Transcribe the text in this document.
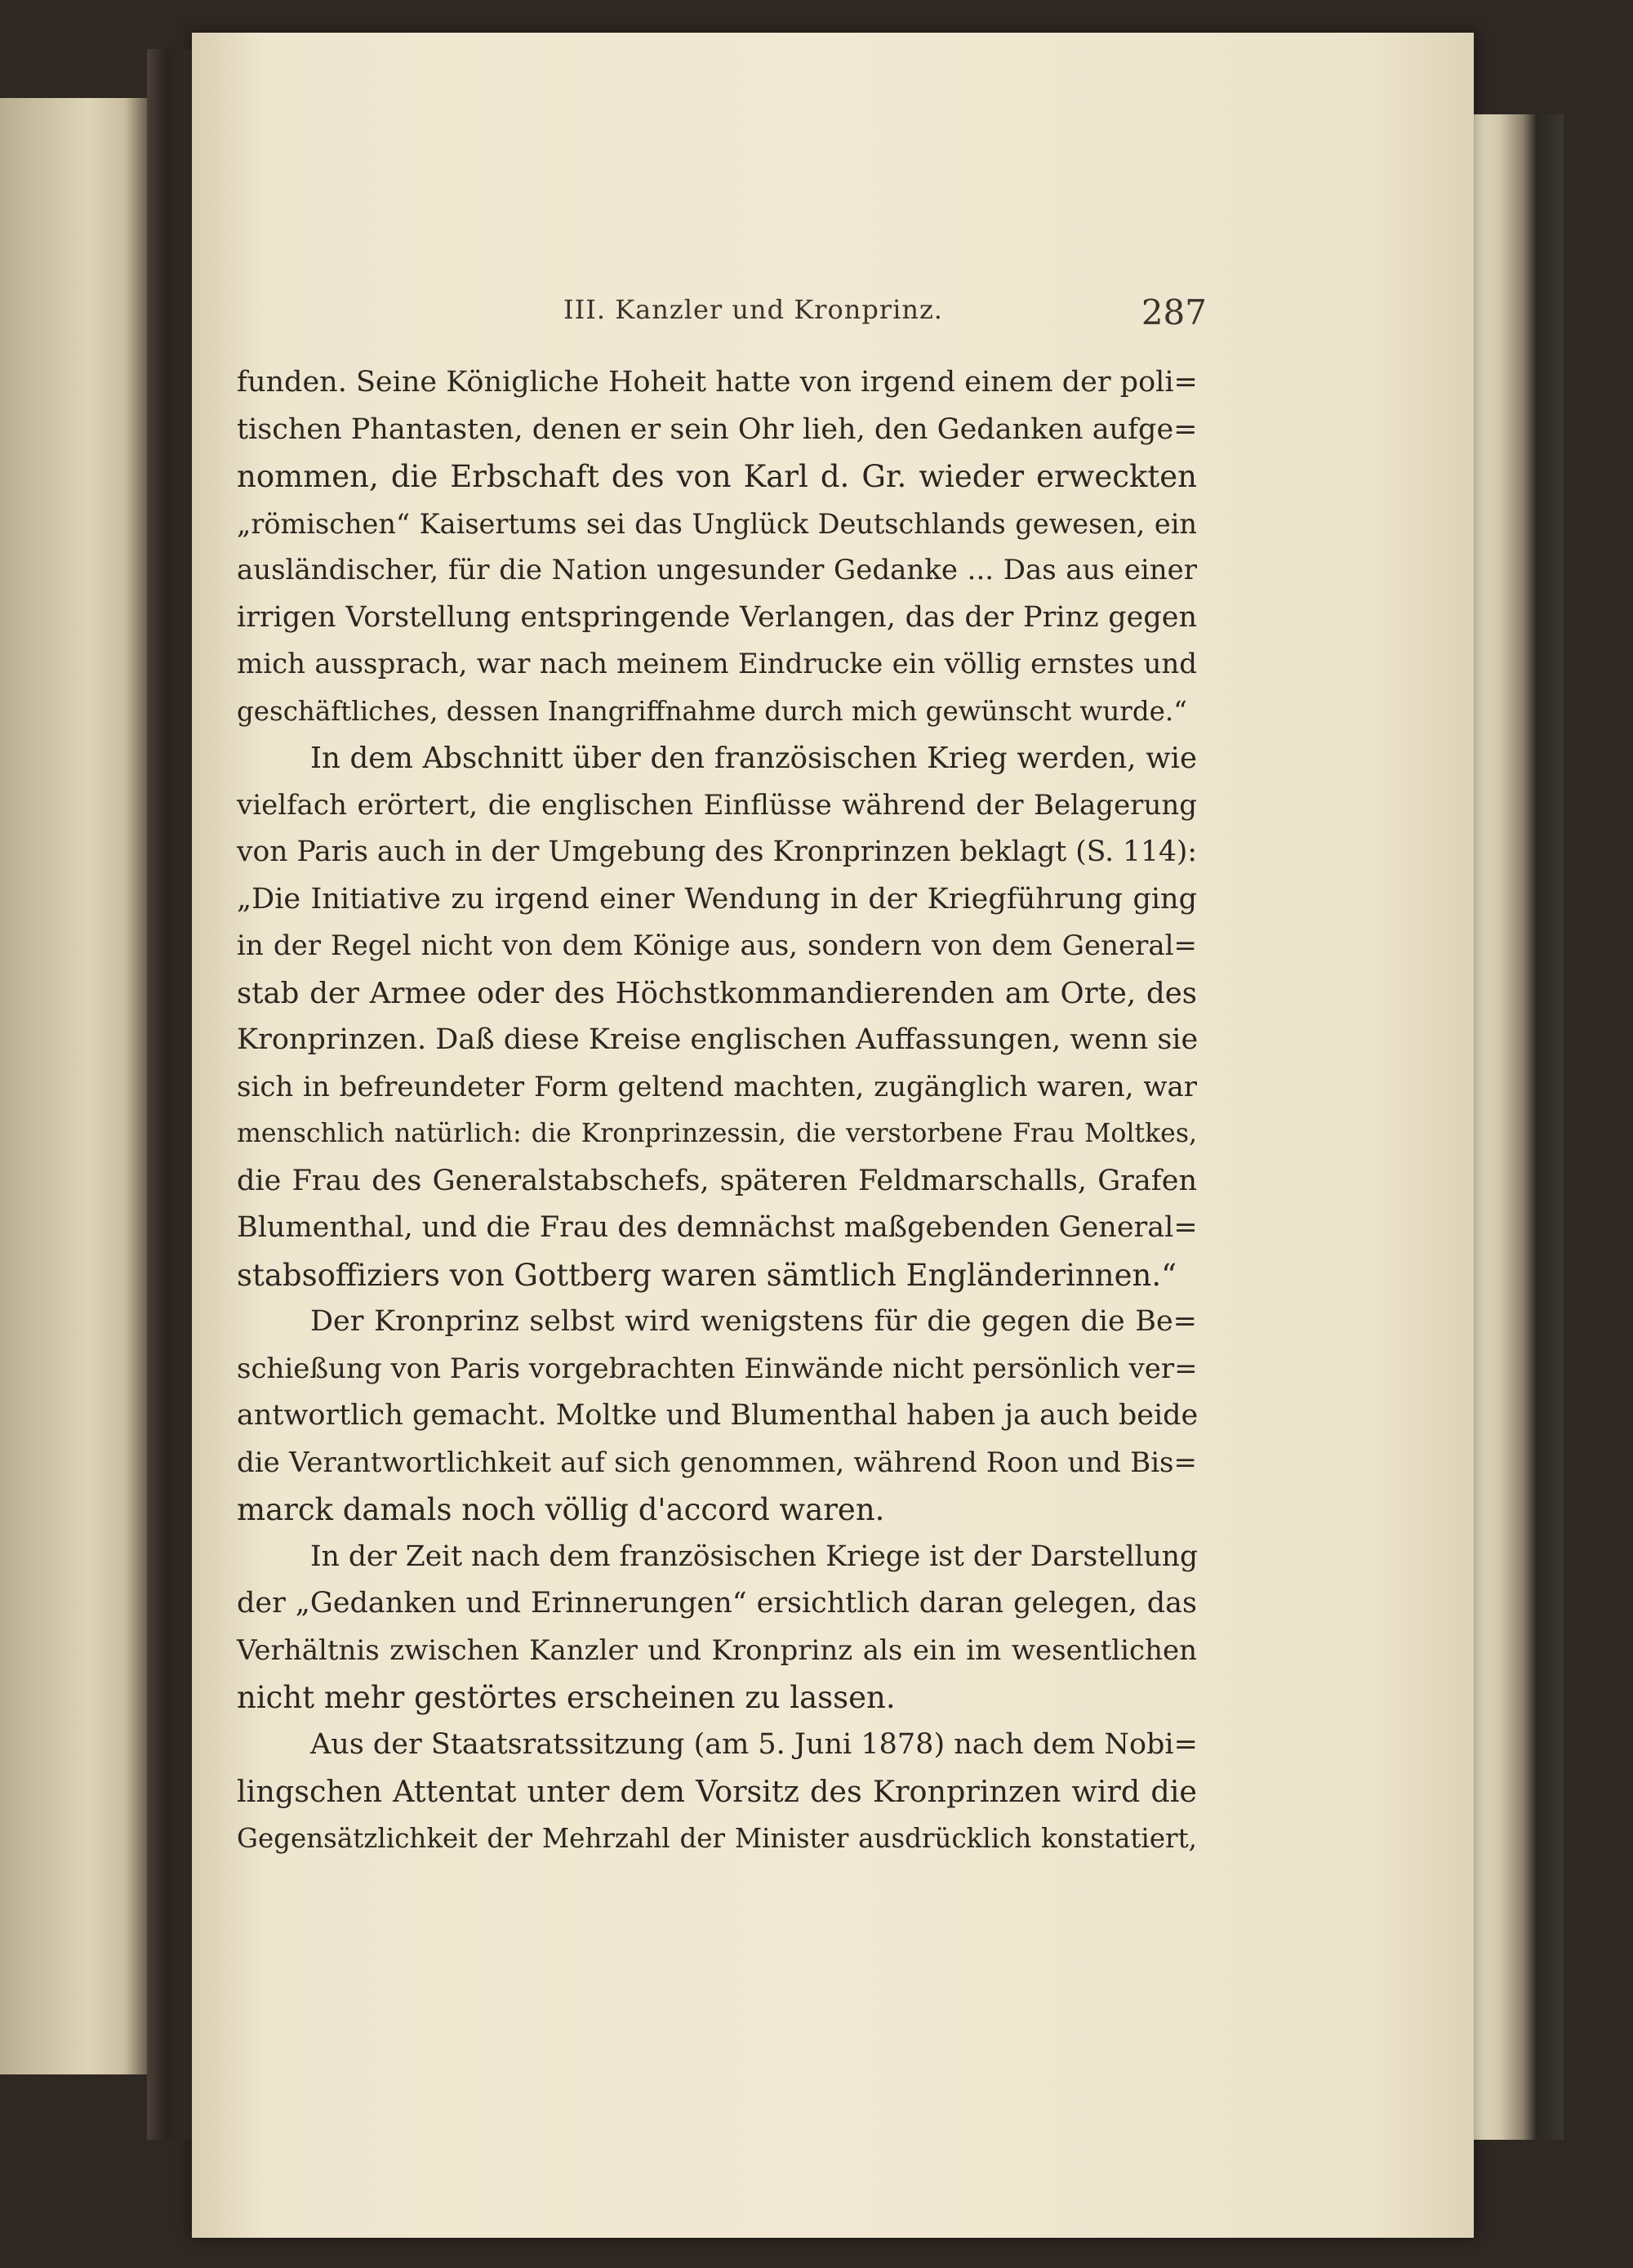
III. Kanzler und Kronprinz.	287
funden. Seine Königliche Hoheit hatte von irgend einem der poli=
tischen Phantasten, denen er sein Ohr lieh, den Gedanken aufge=
nommen, die Erbschaft des von Karl d. Gr. wieder erweckten
„römischen“ Kaisertums sei das Unglück Deutschlands gewesen, ein
ausländischer, für die Nation ungesunder Gedanke ... Das aus einer
irrigen Vorstellung entspringende Verlangen, das der Prinz gegen
mich aussprach, war nach meinem Eindrucke ein völlig ernstes und
geschäftliches, dessen Inangriffnahme durch mich gewünscht wurde.“
In dem Abschnitt über den französischen Krieg werden, wie
vielfach erörtert, die englischen Einflüsse während der Belagerung
von Paris auch in der Umgebung des Kronprinzen beklagt (S. 114):
„Die Initiative zu irgend einer Wendung in der Kriegführung ging
in der Regel nicht von dem Könige aus, sondern von dem General=
stab der Armee oder des Höchstkommandierenden am Orte, des
Kronprinzen. Daß diese Kreise englischen Auffassungen, wenn sie
sich in befreundeter Form geltend machten, zugänglich waren, war
menschlich natürlich: die Kronprinzessin, die verstorbene Frau Moltkes,
die Frau des Generalstabschefs, späteren Feldmarschalls, Grafen
Blumenthal, und die Frau des demnächst maßgebenden General=
stabsoffiziers von Gottberg waren sämtlich Engländerinnen.“
Der Kronprinz selbst wird wenigstens für die gegen die Be=
schießung von Paris vorgebrachten Einwände nicht persönlich ver=
antwortlich gemacht. Moltke und Blumenthal haben ja auch beide
die Verantwortlichkeit auf sich genommen, während Roon und Bis=
marck damals noch völlig d'accord waren.
In der Zeit nach dem französischen Kriege ist der Darstellung
der „Gedanken und Erinnerungen“ ersichtlich daran gelegen, das
Verhältnis zwischen Kanzler und Kronprinz als ein im wesentlichen
nicht mehr gestörtes erscheinen zu lassen.
Aus der Staatsratssitzung (am 5. Juni 1878) nach dem Nobi=
lingschen Attentat unter dem Vorsitz des Kronprinzen wird die
Gegensätzlichkeit der Mehrzahl der Minister ausdrücklich konstatiert,
